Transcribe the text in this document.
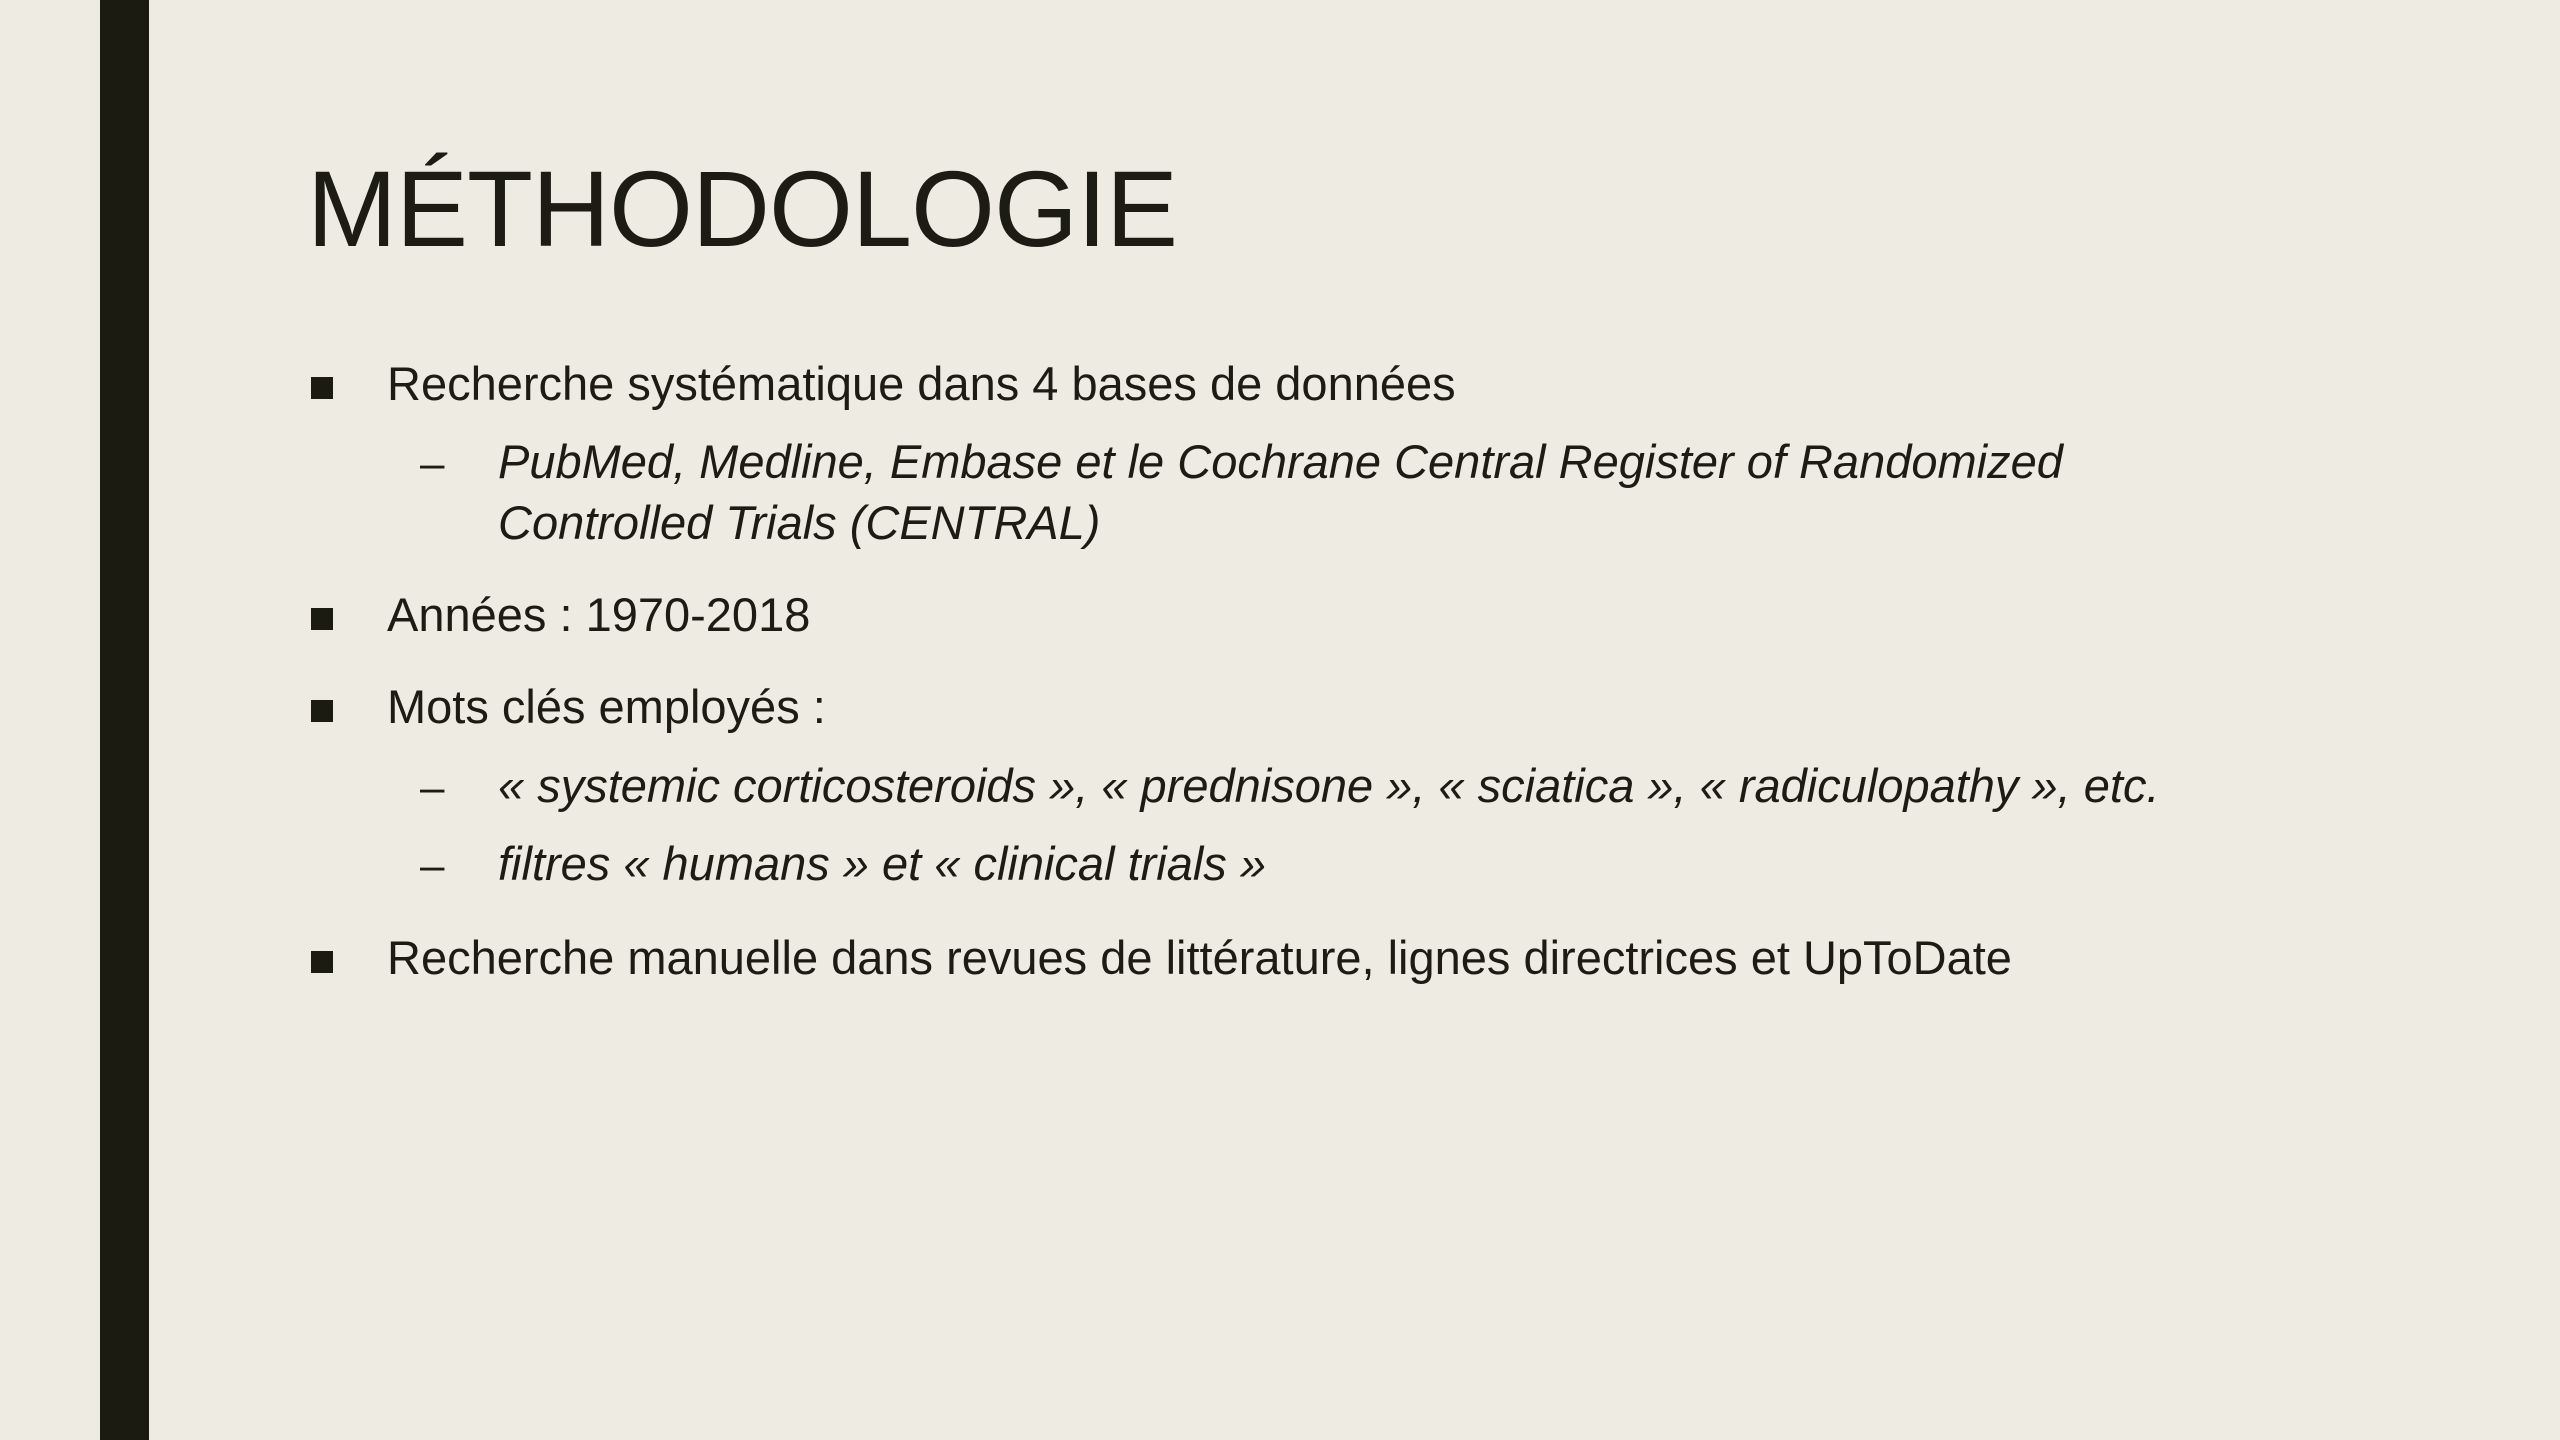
MÉTHODOLOGIE
Recherche systématique dans 4 bases de données
– PubMed, Medline, Embase et le Cochrane Central Register of Randomized
Controlled Trials (CENTRAL)
Années : 1970-2018
Mots clés employés :
– « systemic corticosteroids », « prednisone », « sciatica », « radiculopathy », etc.
– filtres « humans » et « clinical trials »
Recherche manuelle dans revues de littérature, lignes directrices et UpToDate
